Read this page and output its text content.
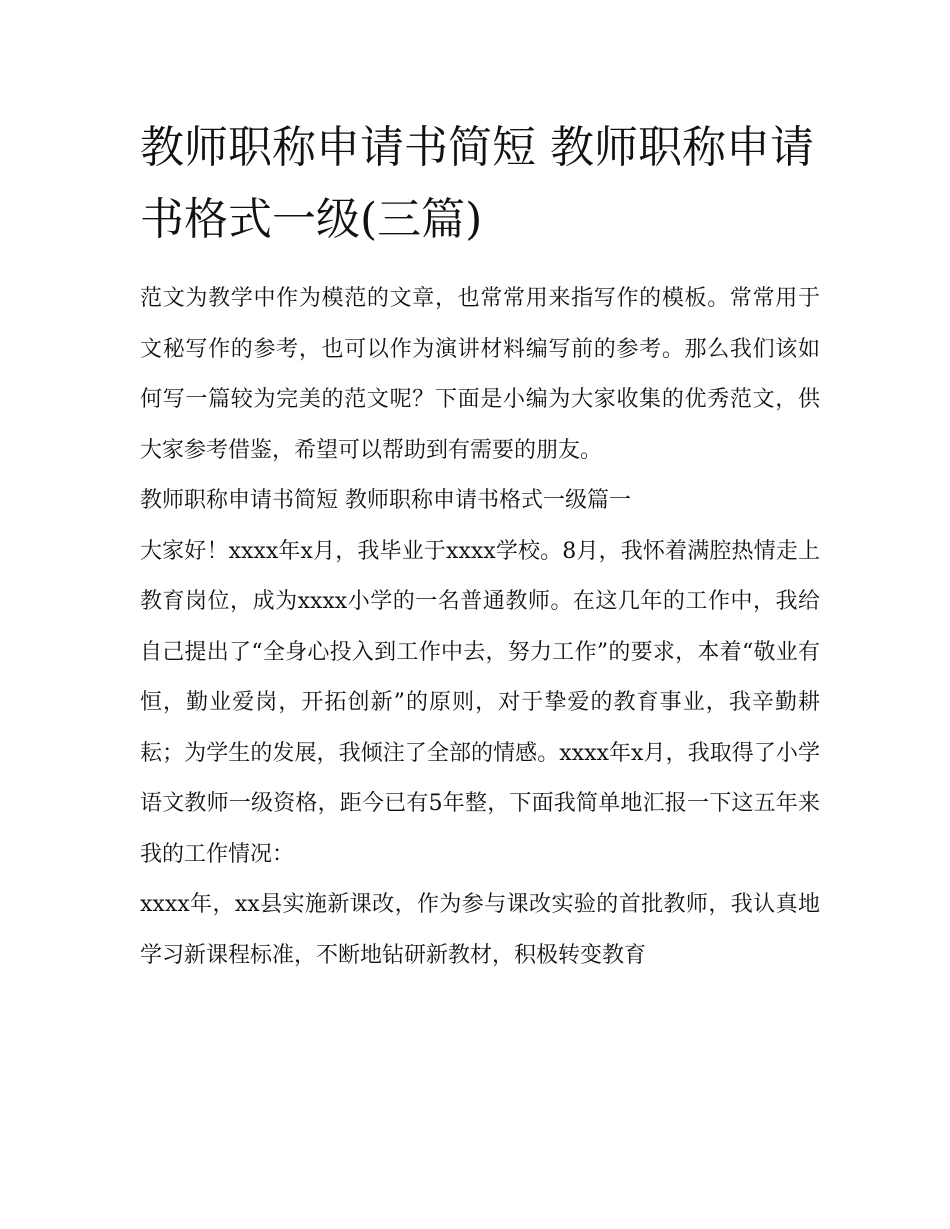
教师职称申请书简短 教师职称申请书格式一级(三篇)

范文为教学中作为模范的文章，也常常用来指写作的模板。常常用于文秘写作的参考，也可以作为演讲材料编写前的参考。那么我们该如何写一篇较为完美的范文呢？下面是小编为大家收集的优秀范文，供大家参考借鉴，希望可以帮助到有需要的朋友。

教师职称申请书简短 教师职称申请书格式一级篇一

大家好！xxxx年x月，我毕业于xxxx学校。8月，我怀着满腔热情走上教育岗位，成为xxxx小学的一名普通教师。在这几年的工作中，我给自己提出了“全身心投入到工作中去，努力工作”的要求，本着“敬业有恒，勤业爱岗，开拓创新”的原则，对于挚爱的教育事业，我辛勤耕耘；为学生的发展，我倾注了全部的情感。xxxx年x月，我取得了小学语文教师一级资格，距今已有5年整，下面我简单地汇报一下这五年来我的工作情况：

xxxx年，xx县实施新课改，作为参与课改实验的首批教师，我认真地学习新课程标准，不断地钻研新教材，积极转变教育
